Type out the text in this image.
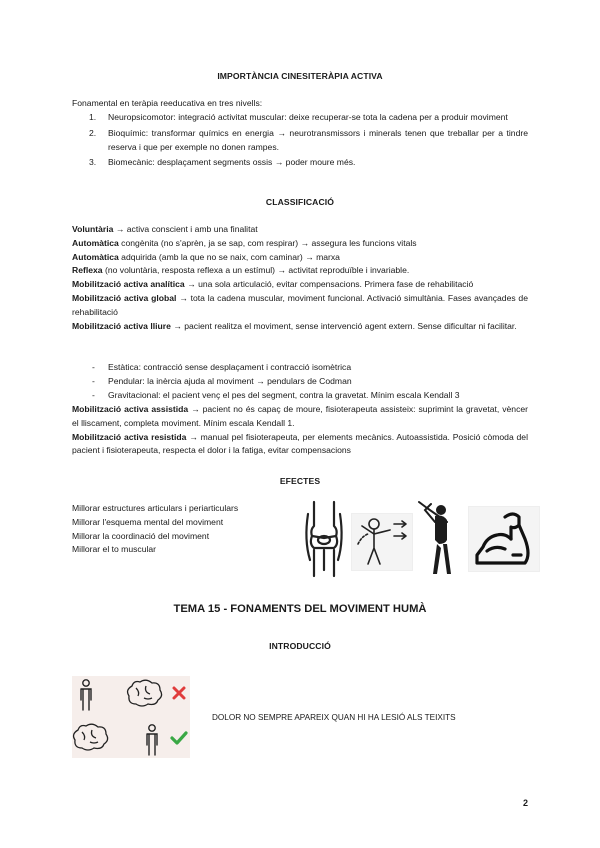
IMPORTÀNCIA CINESITERÀPIA ACTIVA
Fonamental en teràpia reeducativa en tres nivells:
1. Neuropsicomotor: integració activitat muscular: deixe recuperar-se tota la cadena per a produir moviment
2. Bioquímic: transformar químics en energia → neurotransmissors i minerals tenen que treballar per a tindre reserva i que per exemple no donen rampes.
3. Biomecànic: desplaçament segments ossis → poder moure més.
CLASSIFICACIÓ
Voluntària → activa conscient i amb una finalitat
Automàtica congènita (no s'aprèn, ja se sap, com respirar) → assegura les funcions vitals
Automàtica adquirida (amb la que no se naix, com caminar) → marxa
Reflexa (no voluntària, resposta reflexa a un estímul) → activitat reproduïble i invariable.
Mobilització activa analítica → una sola articulació, evitar compensacions. Primera fase de rehabilitació
Mobilització activa global → tota la cadena muscular, moviment funcional. Activació simultània. Fases avançades de rehabilitació
Mobilització activa lliure → pacient realitza el moviment, sense intervenció agent extern. Sense dificultar ni facilitar.
- Estàtica: contracció sense desplaçament i contracció isomètrica
- Pendular: la inèrcia ajuda al moviment → pendulars de Codman
- Gravitacional: el pacient venç el pes del segment, contra la gravetat. Mínim escala Kendall 3
Mobilització activa assistida → pacient no és capaç de moure, fisioterapeuta assisteix: suprimint la gravetat, vèncer el lliscament, completa moviment. Mínim escala Kendall 1.
Mobilització activa resistida → manual pel fisioterapeuta, per elements mecànics. Autoassistida. Posició còmoda del pacient i fisioterapeuta, respecta el dolor i la fatiga, evitar compensacions
EFECTES
Millorar estructures articulars i periarticulars
Millorar l'esquema mental del moviment
Millorar la coordinació del moviment
Millorar el to muscular
TEMA 15 - FONAMENTS DEL MOVIMENT HUMÀ
INTRODUCCIÓ
DOLOR NO SEMPRE APAREIX QUAN HI HA LESIÓ ALS TEIXITS
2
